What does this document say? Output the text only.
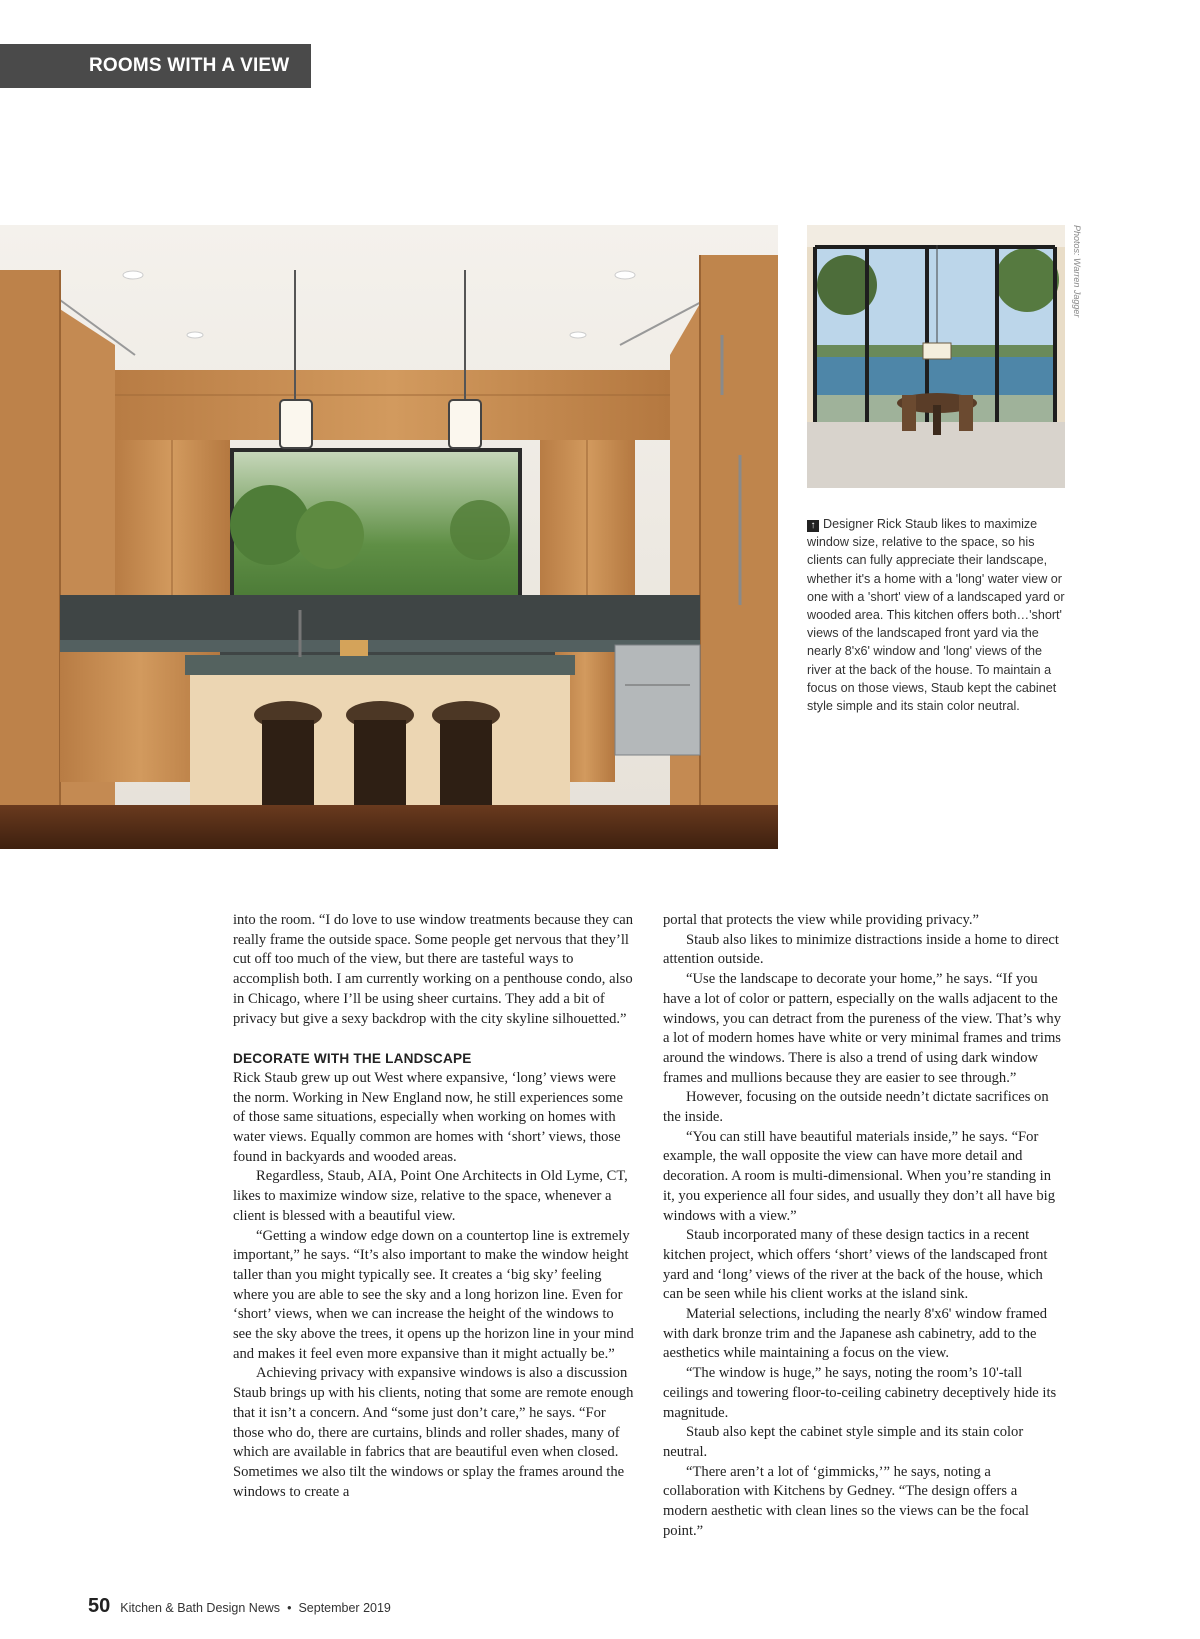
ROOMS WITH A VIEW
Photos: Warren Jagger
↑ Designer Rick Staub likes to maximize window size, relative to the space, so his clients can fully appreciate their landscape, whether it's a home with a 'long' water view or one with a 'short' view of a landscaped yard or wooded area. This kitchen offers both…'short' views of the landscaped front yard via the nearly 8'x6' window and 'long' views of the river at the back of the house. To maintain a focus on those views, Staub kept the cabinet style simple and its stain color neutral.

into the room. “I do love to use window treatments because they can really frame the outside space. Some people get nervous that they’ll cut off too much of the view, but there are tasteful ways to accomplish both. I am currently working on a penthouse condo, also in Chicago, where I’ll be using sheer curtains. They add a bit of privacy but give a sexy backdrop with the city skyline silhouetted.”

DECORATE WITH THE LANDSCAPE

Rick Staub grew up out West where expansive, ‘long’ views were the norm. Working in New England now, he still experiences some of those same situations, especially when working on homes with water views. Equally common are homes with ‘short’ views, those found in backyards and wooded areas.

Regardless, Staub, AIA, Point One Architects in Old Lyme, CT, likes to maximize window size, relative to the space, whenever a client is blessed with a beautiful view.

“Getting a window edge down on a countertop line is extremely important,” he says. “It’s also important to make the window height taller than you might typically see. It creates a ‘big sky’ feeling where you are able to see the sky and a long horizon line. Even for ‘short’ views, when we can increase the height of the windows to see the sky above the trees, it opens up the horizon line in your mind and makes it feel even more expansive than it might actually be.”

Achieving privacy with expansive windows is also a discussion Staub brings up with his clients, noting that some are remote enough that it isn’t a concern. And “some just don’t care,” he says. “For those who do, there are curtains, blinds and roller shades, many of which are available in fabrics that are beautiful even when closed. Sometimes we also tilt the windows or splay the frames around the windows to create a

portal that protects the view while providing privacy.”

Staub also likes to minimize distractions inside a home to direct attention outside.

“Use the landscape to decorate your home,” he says. “If you have a lot of color or pattern, especially on the walls adjacent to the windows, you can detract from the pureness of the view. That’s why a lot of modern homes have white or very minimal frames and trims around the windows. There is also a trend of using dark window frames and mullions because they are easier to see through.”

However, focusing on the outside needn’t dictate sacrifices on the inside.

“You can still have beautiful materials inside,” he says. “For example, the wall opposite the view can have more detail and decoration. A room is multi-dimensional. When you’re standing in it, you experience all four sides, and usually they don’t all have big windows with a view.”

Staub incorporated many of these design tactics in a recent kitchen project, which offers ‘short’ views of the landscaped front yard and ‘long’ views of the river at the back of the house, which can be seen while his client works at the island sink.

Material selections, including the nearly 8'x6' window framed with dark bronze trim and the Japanese ash cabinetry, add to the aesthetics while maintaining a focus on the view.

“The window is huge,” he says, noting the room’s 10'-tall ceilings and towering floor-to-ceiling cabinetry deceptively hide its magnitude.

Staub also kept the cabinet style simple and its stain color neutral.

“There aren’t a lot of ‘gimmicks,’” he says, noting a collaboration with Kitchens by Gedney. “The design offers a modern aesthetic with clean lines so the views can be the focal point.”

50 Kitchen & Bath Design News • September 2019
